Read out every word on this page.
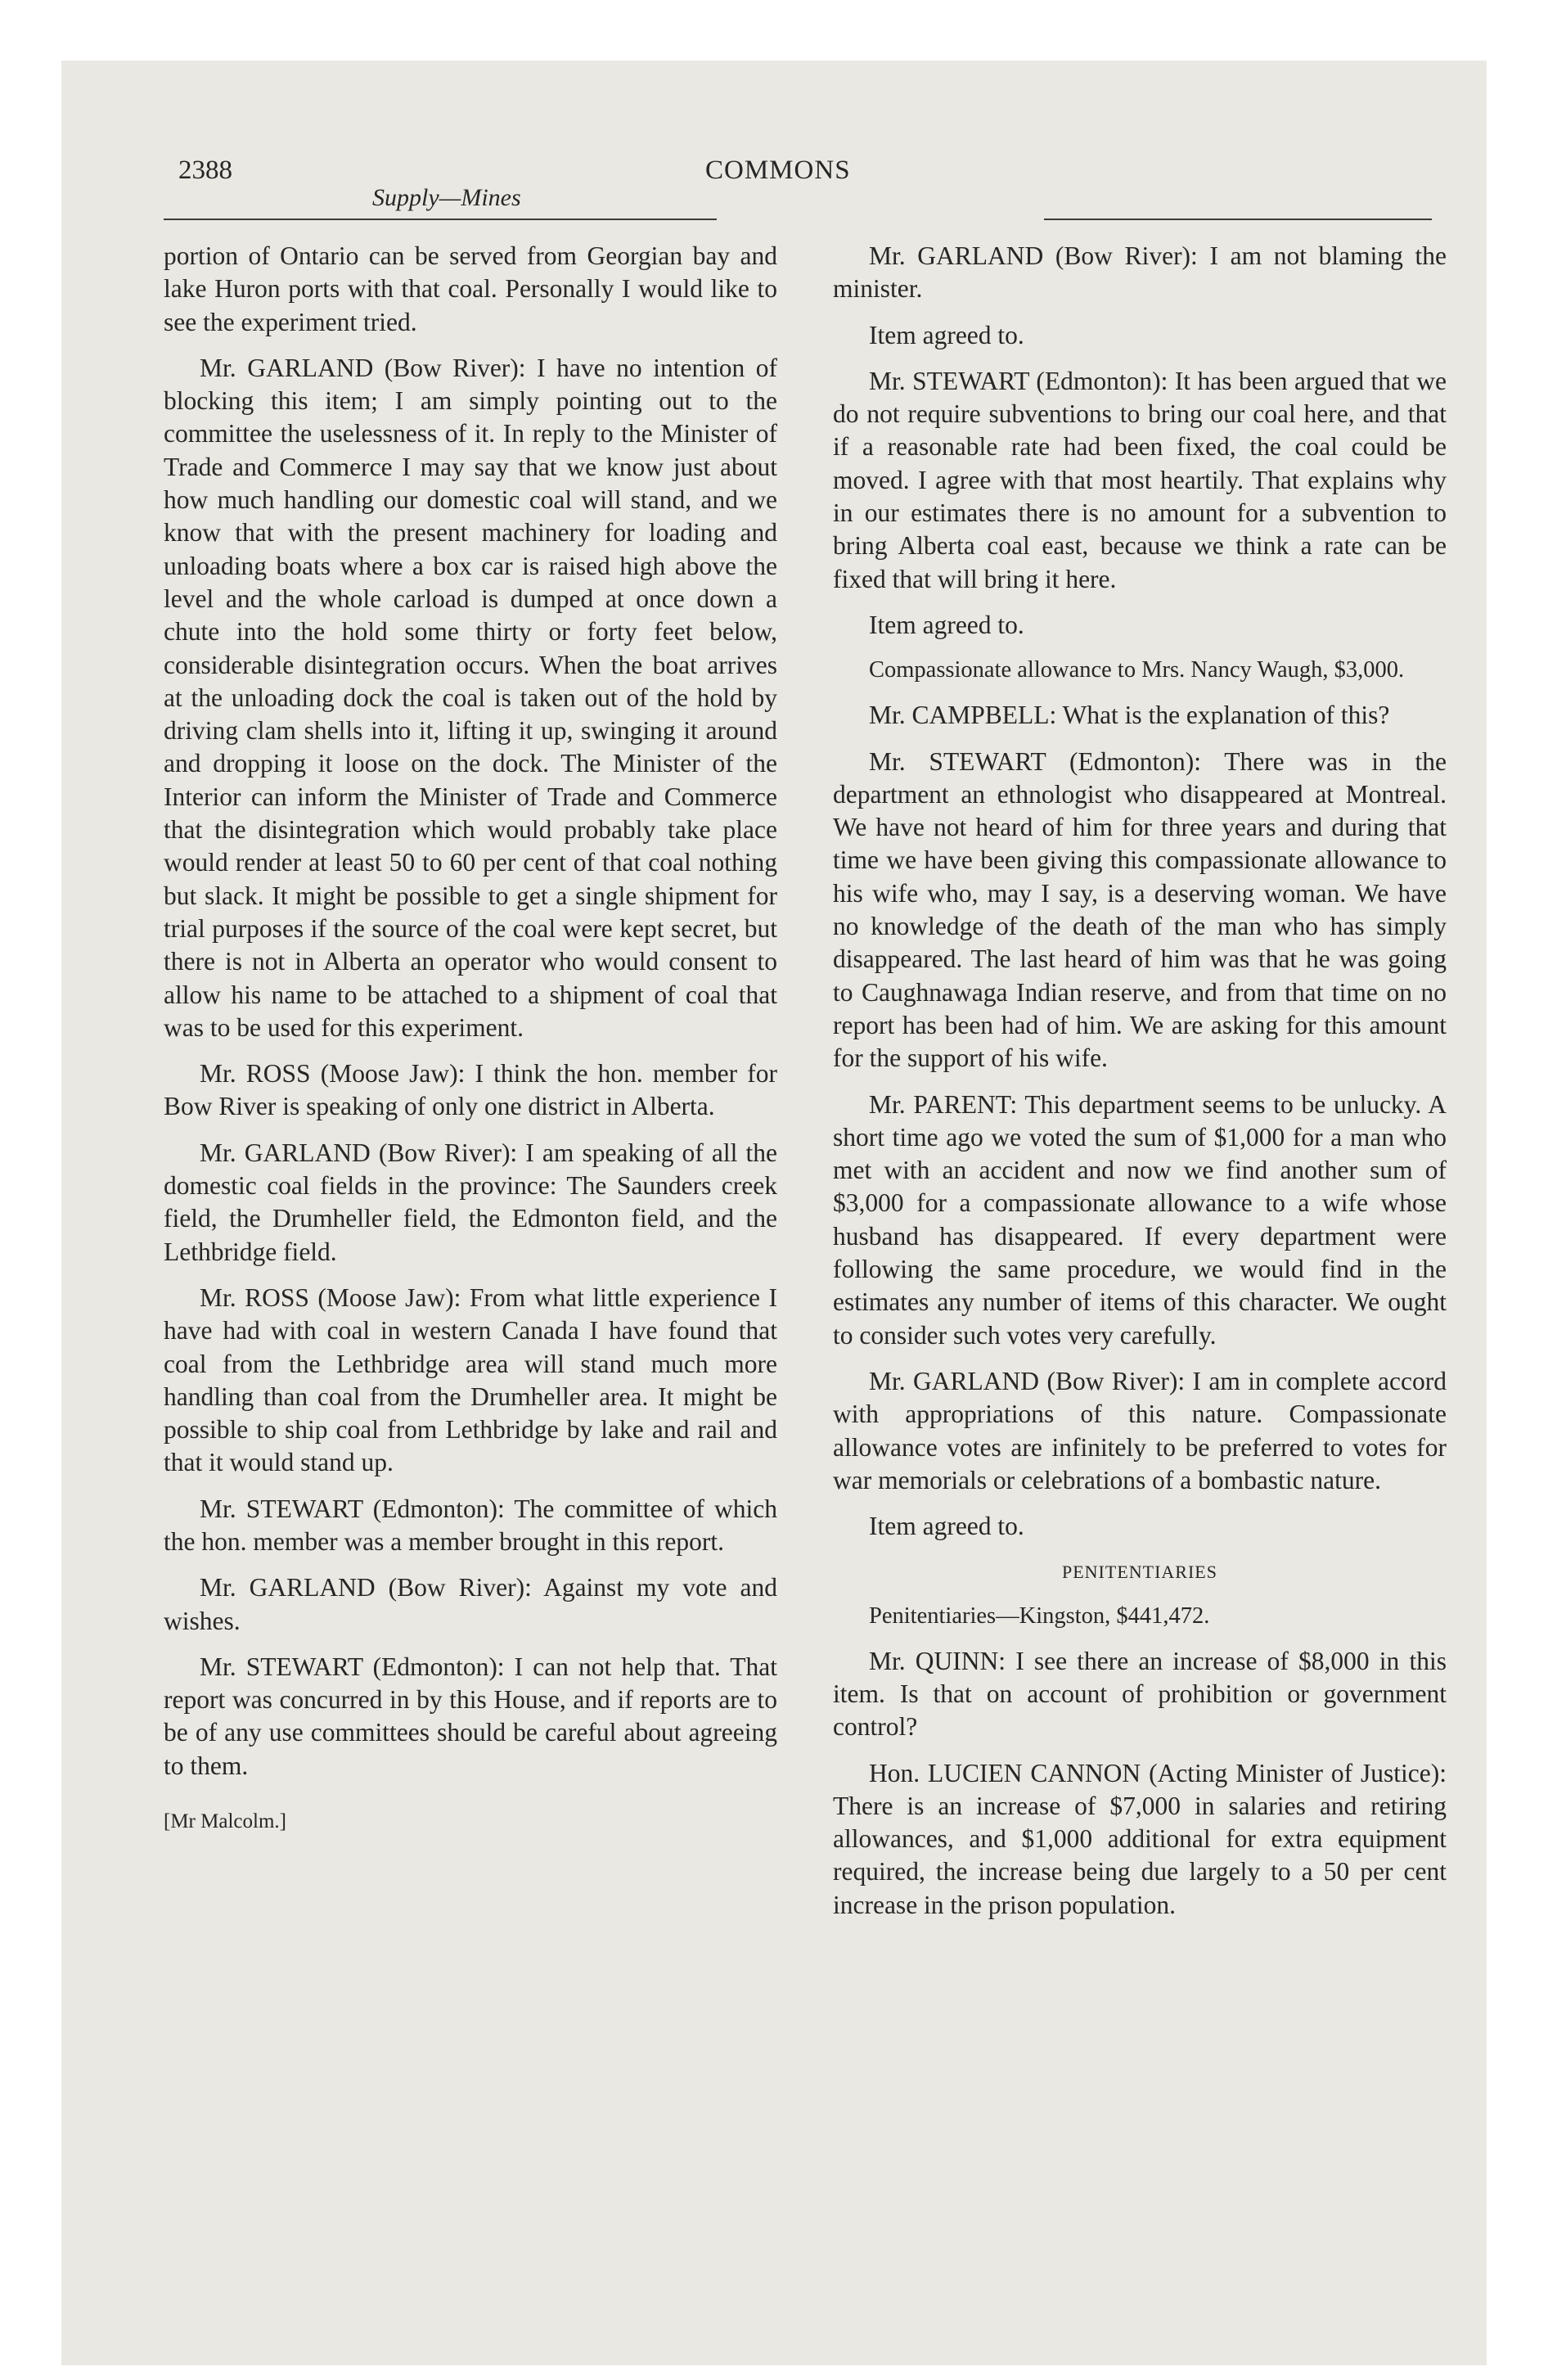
2388	COMMONS
Supply—Mines

portion of Ontario can be served from Georgian bay and lake Huron ports with that coal. Personally I would like to see the experiment tried.

Mr. GARLAND (Bow River): I have no intention of blocking this item; I am simply pointing out to the committee the uselessness of it. In reply to the Minister of Trade and Commerce I may say that we know just about how much handling our domestic coal will stand, and we know that with the present machinery for loading and unloading boats where a box car is raised high above the level and the whole carload is dumped at once down a chute into the hold some thirty or forty feet below, considerable disintegration occurs. When the boat arrives at the unloading dock the coal is taken out of the hold by driving clam shells into it, lifting it up, swinging it around and dropping it loose on the dock. The Minister of the Interior can inform the Minister of Trade and Commerce that the disintegration which would probably take place would render at least 50 to 60 per cent of that coal nothing but slack. It might be possible to get a single shipment for trial purposes if the source of the coal were kept secret, but there is not in Alberta an operator who would consent to allow his name to be attached to a shipment of coal that was to be used for this experiment.

Mr. ROSS (Moose Jaw): I think the hon. member for Bow River is speaking of only one district in Alberta.

Mr. GARLAND (Bow River): I am speaking of all the domestic coal fields in the province: The Saunders creek field, the Drumheller field, the Edmonton field, and the Lethbridge field.

Mr. ROSS (Moose Jaw): From what little experience I have had with coal in western Canada I have found that coal from the Lethbridge area will stand much more handling than coal from the Drumheller area. It might be possible to ship coal from Lethbridge by lake and rail and that it would stand up.

Mr. STEWART (Edmonton): The committee of which the hon. member was a member brought in this report.

Mr. GARLAND (Bow River): Against my vote and wishes.

Mr. STEWART (Edmonton): I can not help that. That report was concurred in by this House, and if reports are to be of any use committees should be careful about agreeing to them.

[Mr Malcolm.]

Mr. GARLAND (Bow River): I am not blaming the minister.

Item agreed to.

Mr. STEWART (Edmonton): It has been argued that we do not require subventions to bring our coal here, and that if a reasonable rate had been fixed, the coal could be moved. I agree with that most heartily. That explains why in our estimates there is no amount for a subvention to bring Alberta coal east, because we think a rate can be fixed that will bring it here.

Item agreed to.

Compassionate allowance to Mrs. Nancy Waugh, $3,000.

Mr. CAMPBELL: What is the explanation of this?

Mr. STEWART (Edmonton): There was in the department an ethnologist who disappeared at Montreal. We have not heard of him for three years and during that time we have been giving this compassionate allowance to his wife who, may I say, is a deserving woman. We have no knowledge of the death of the man who has simply disappeared. The last heard of him was that he was going to Caughnawaga Indian reserve, and from that time on no report has been had of him. We are asking for this amount for the support of his wife.

Mr. PARENT: This department seems to be unlucky. A short time ago we voted the sum of $1,000 for a man who met with an accident and now we find another sum of $3,000 for a compassionate allowance to a wife whose husband has disappeared. If every department were following the same procedure, we would find in the estimates any number of items of this character. We ought to consider such votes very carefully.

Mr. GARLAND (Bow River): I am in complete accord with appropriations of this nature. Compassionate allowance votes are infinitely to be preferred to votes for war memorials or celebrations of a bombastic nature.

Item agreed to.

PENITENTIARIES

Penitentiaries—Kingston, $441,472.

Mr. QUINN: I see there an increase of $8,000 in this item. Is that on account of prohibition or government control?

Hon. LUCIEN CANNON (Acting Minister of Justice): There is an increase of $7,000 in salaries and retiring allowances, and $1,000 additional for extra equipment required, the increase being due largely to a 50 per cent increase in the prison population.
